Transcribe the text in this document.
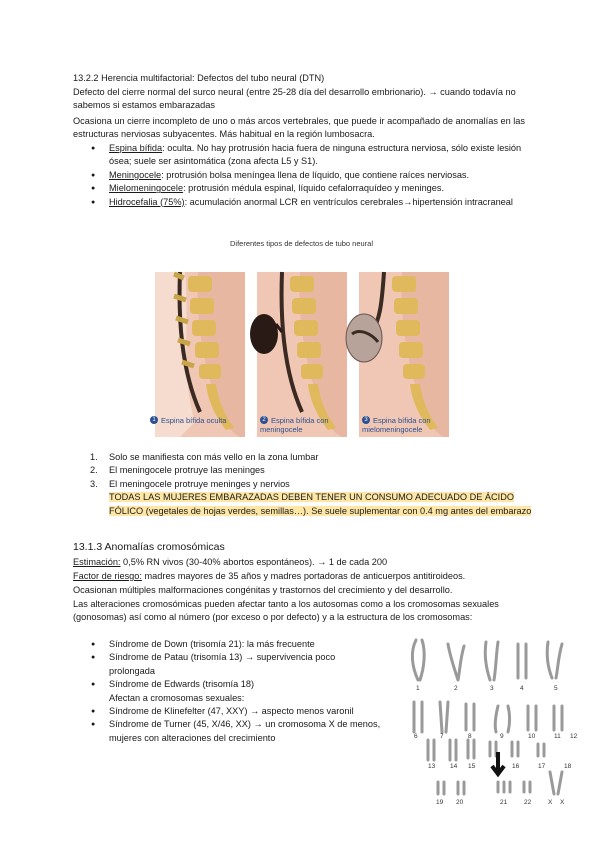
13.2.2 Herencia multifactorial: Defectos del tubo neural (DTN)

Defecto del cierre normal del surco neural (entre 25-28 día del desarrollo embrionario). → cuando todavía no sabemos si estamos embarazadas

Ocasiona un cierre incompleto de uno o más arcos vertebrales, que puede ir acompañado de anomalías en las estructuras nerviosas subyacentes. Más habitual en la región lumbosacra.

● Espina bífida: oculta. No hay protrusión hacia fuera de ninguna estructura nerviosa, sólo existe lesión ósea; suele ser asintomática (zona afecta L5 y S1).
● Meningocele: protrusión bolsa meníngea llena de líquido, que contiene raíces nerviosas.
● Mielomeningocele: protrusión médula espinal, líquido cefalorraquídeo y meninges.
● Hidrocefalia (75%): acumulación anormal LCR en ventrículos cerebrales→hipertensión intracraneal
Diferentes tipos de defectos de tubo neural
1 Espina bífida oculta	2 Espina bífida con meningocele
3 Espina bífida con mielomeningocele
1. Solo se manifiesta con más vello en la zona lumbar
2. El meningocele protruye las meninges
3. El meningocele protruye meninges y nervios
TODAS LAS MUJERES EMBARAZADAS DEBEN TENER UN CONSUMO ADECUADO DE ÁCIDO FÓLICO (vegetales de hojas verdes, semillas…). Se suele suplementar con 0.4 mg antes del embarazo

13.1.3 Anomalías cromosómicas

Estimación: 0,5% RN vivos (30-40% abortos espontáneos). → 1 de cada 200

Factor de riesgo: madres mayores de 35 años y madres portadoras de anticuerpos antitiroideos.

Ocasionan múltiples malformaciones congénitas y trastornos del crecimiento y del desarrollo.

Las alteraciones cromosómicas pueden afectar tanto a los autosomas como a los cromosomas sexuales (gonosomas) así como al número (por exceso o por defecto) y a la estructura de los cromosomas:

● Síndrome de Down (trisomía 21): la más frecuente
● Síndrome de Patau (trisomía 13) → supervivencia poco prolongada
● Síndrome de Edwards (trisomía 18)

Afectan a cromosomas sexuales:

● Síndrome de Klinefelter (47, XXY) → aspecto menos varonil
● Síndrome de Turner (45, X/46, XX) → un cromosoma X de menos, mujeres con alteraciones del crecimiento
1	2	3	4	5
6	7	8	9	10	11 12
13 14 15	16	17	18
19 20	21	22	X X
